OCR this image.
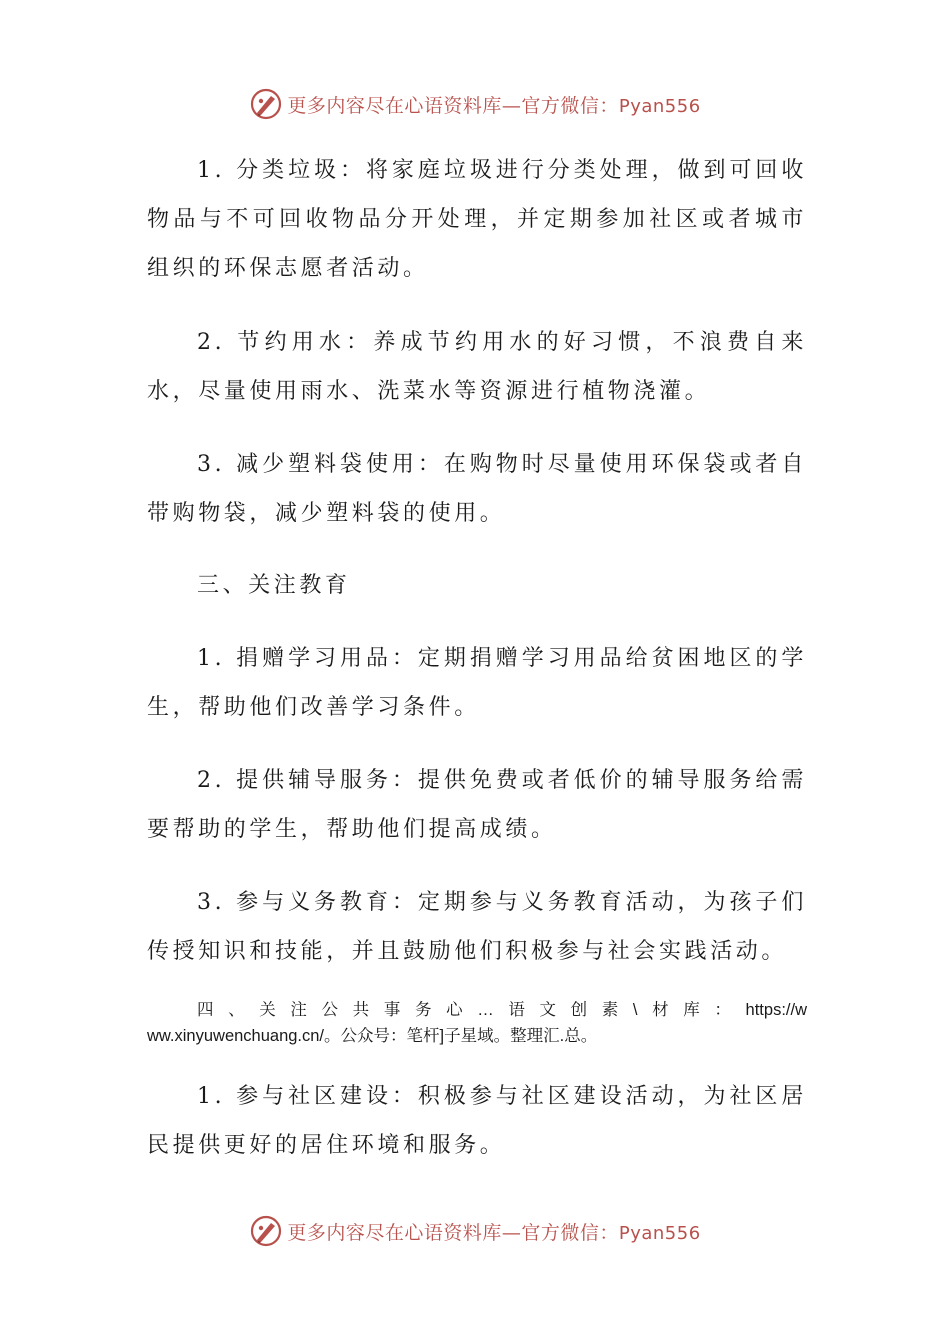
更多内容尽在心语资料库—官方微信：Pyan556

1. 分类垃圾：将家庭垃圾进行分类处理，做到可回收物品与不可回收物品分开处理，并定期参加社区或者城市组织的环保志愿者活动。

2. 节约用水：养成节约用水的好习惯，不浪费自来水，尽量使用雨水、洗菜水等资源进行植物浇灌。

3. 减少塑料袋使用：在购物时尽量使用环保袋或者自带购物袋，减少塑料袋的使用。

三、关注教育

1. 捐赠学习用品：定期捐赠学习用品给贫困地区的学生，帮助他们改善学习条件。

2. 提供辅导服务：提供免费或者低价的辅导服务给需要帮助的学生，帮助他们提高成绩。

3. 参与义务教育：定期参与义务教育活动，为孩子们传授知识和技能，并且鼓励他们积极参与社会实践活动。

四、关注公共事务心…语文创素\材库：https://www.xinyuwenchuang.cn/。公众号：笔杆]子星域。整理汇.总。

1. 参与社区建设：积极参与社区建设活动，为社区居民提供更好的居住环境和服务。

更多内容尽在心语资料库—官方微信：Pyan556
